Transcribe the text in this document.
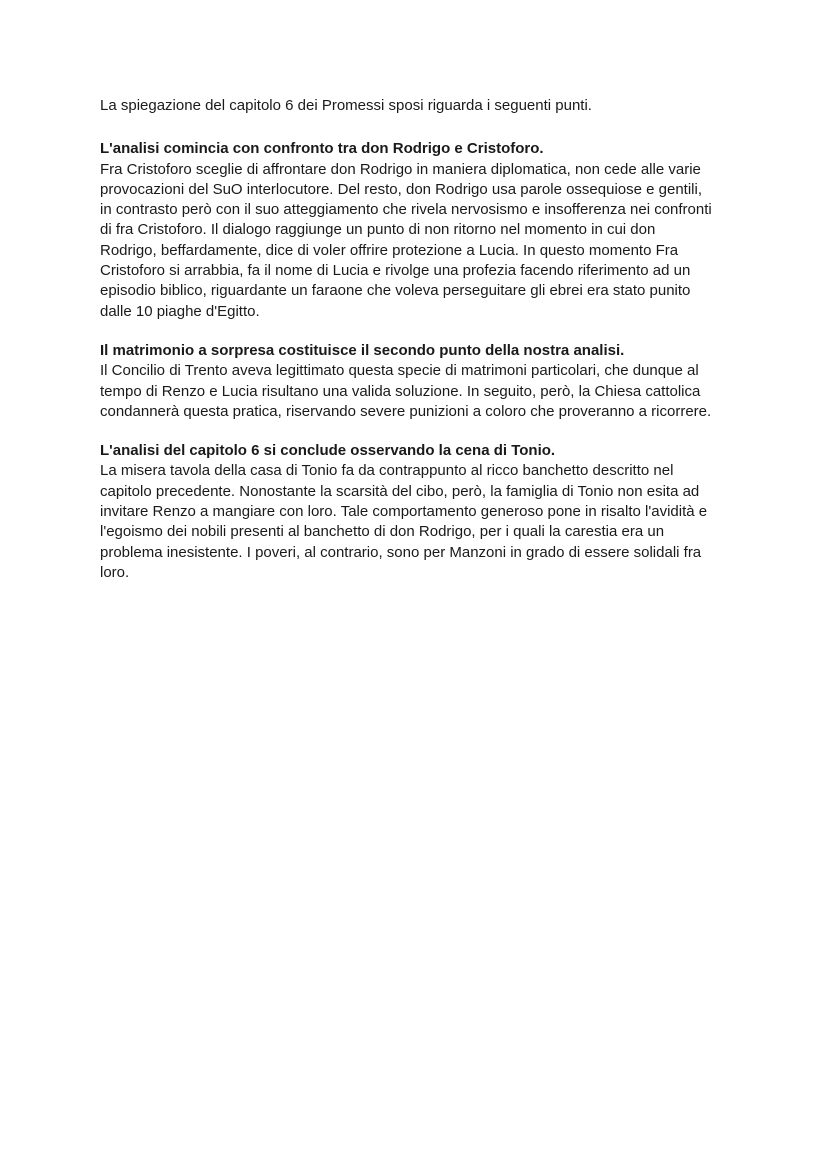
La spiegazione del capitolo 6 dei Promessi sposi riguarda i seguenti punti.

L'analisi comincia con confronto tra don Rodrigo e Cristoforo.

Fra Cristoforo sceglie di affrontare don Rodrigo in maniera diplomatica, non cede alle varie
provocazioni del SuO interlocutore. Del resto, don Rodrigo usa parole ossequiose e gentili,
in contrasto però con il suo atteggiamento che rivela nervosismo e insofferenza nei confronti
di fra Cristoforo. Il dialogo raggiunge un punto di non ritorno nel momento in cui don
Rodrigo, beffardamente, dice di voler offrire protezione a Lucia. In questo momento Fra
Cristoforo si arrabbia, fa il nome di Lucia e rivolge una profezia facendo riferimento ad un
episodio biblico, riguardante un faraone che voleva perseguitare gli ebrei era stato punito
dalle 10 piaghe d'Egitto.

Il matrimonio a sorpresa costituisce il secondo punto della nostra analisi.

Il Concilio di Trento aveva legittimato questa specie di matrimoni particolari, che dunque al
tempo di Renzo e Lucia risultano una valida soluzione. In seguito, però, la Chiesa cattolica
condannerà questa pratica, riservando severe punizioni a coloro che proveranno a ricorrere.

L'analisi del capitolo 6 si conclude osservando la cena di Tonio.

La misera tavola della casa di Tonio fa da contrappunto al ricco banchetto descritto nel
capitolo precedente. Nonostante la scarsità del cibo, però, la famiglia di Tonio non esita ad
invitare Renzo a mangiare con loro. Tale comportamento generoso pone in risalto l'avidità e
l'egoismo dei nobili presenti al banchetto di don Rodrigo, per i quali la carestia era un
problema inesistente. I poveri, al contrario, sono per Manzoni in grado di essere solidali fra
loro.
